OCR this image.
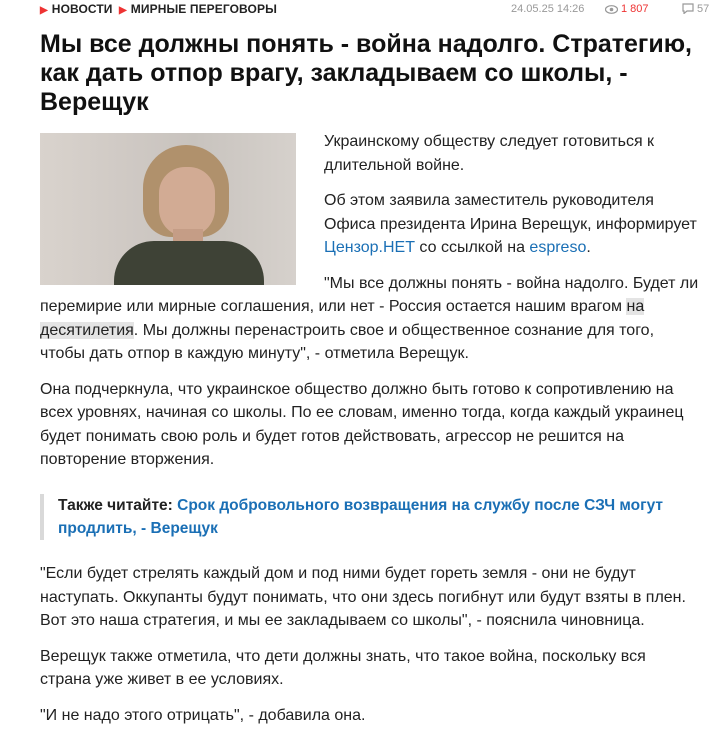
▶ НОВОСТИ ▶ МИРНЫЕ ПЕРЕГОВОРЫ	24.05.25 14:26	1 807	57
Мы все должны понять - война надолго. Стратегию, как дать отпор врагу, закладываем со школы, - Верещук

Украинскому обществу следует готовиться к длительной войне.

Об этом заявила заместитель руководителя Офиса президента Ирина Верещук, информирует Цензор.НЕТ со ссылкой на espreso.

"Мы все должны понять - война надолго. Будет ли перемирие или мирные соглашения, или нет - Россия остается нашим врагом на десятилетия. Мы должны перенастроить свое и общественное сознание для того, чтобы дать отпор в каждую минуту", - отметила Верещук.

Она подчеркнула, что украинское общество должно быть готово к сопротивлению на всех уровнях, начиная со школы. По ее словам, именно тогда, когда каждый украинец будет понимать свою роль и будет готов действовать, агрессор не решится на повторение вторжения.

Также читайте: Срок добровольного возвращения на службу после СЗЧ могут продлить, - Верещук

"Если будет стрелять каждый дом и под ними будет гореть земля - они не будут наступать. Оккупанты будут понимать, что они здесь погибнут или будут взяты в плен. Вот это наша стратегия, и мы ее закладываем со школы", - пояснила чиновница.

Верещук также отметила, что дети должны знать, что такое война, поскольку вся страна уже живет в ее условиях.

"И не надо этого отрицать", - добавила она.
